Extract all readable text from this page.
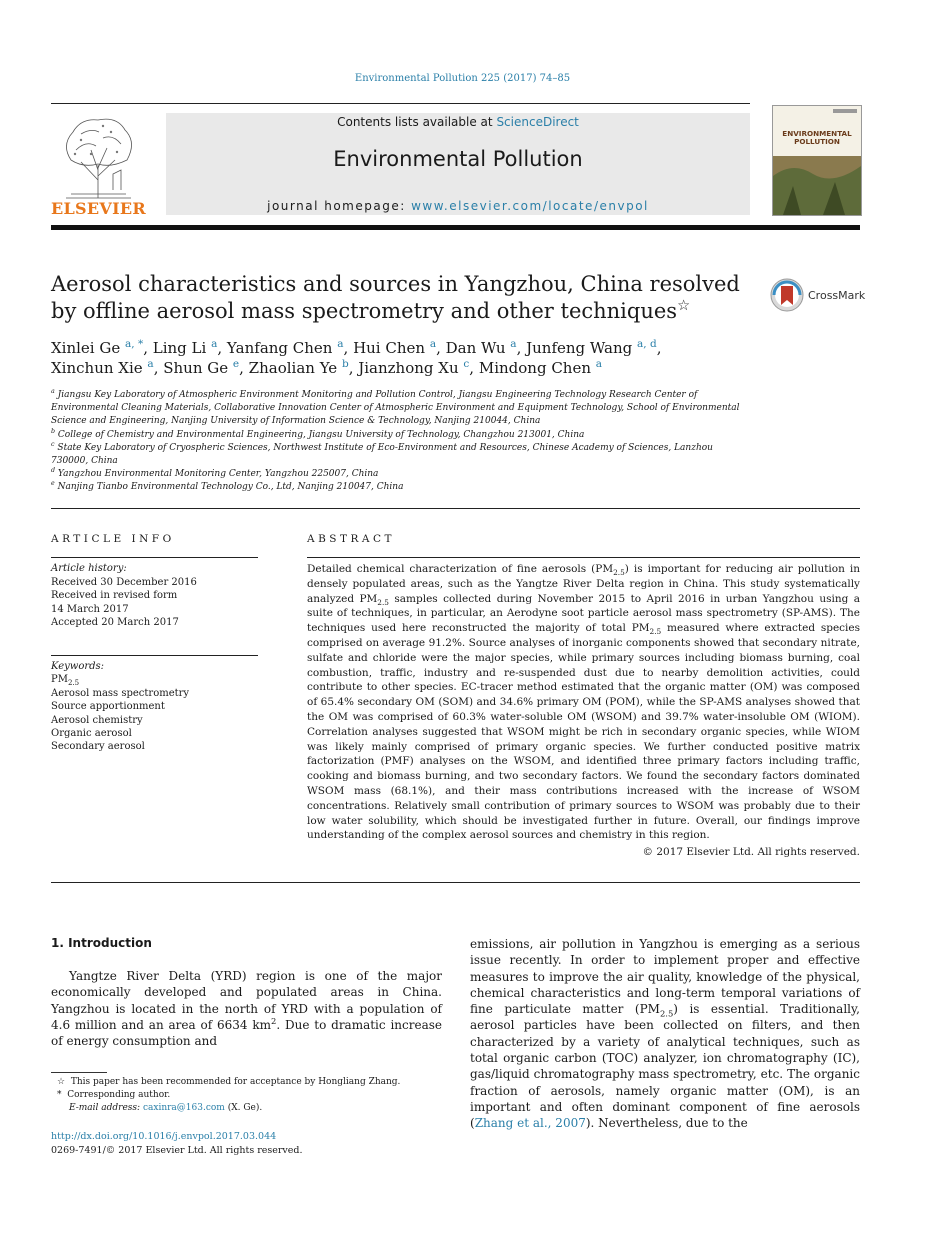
Environmental Pollution 225 (2017) 74–85
ELSEVIER
Contents lists available at ScienceDirect
Environmental Pollution
journal homepage: www.elsevier.com/locate/envpol
ENVIRONMENTAL POLLUTION
Aerosol characteristics and sources in Yangzhou, China resolved by offline aerosol mass spectrometry and other techniques☆
CrossMark
Xinlei Ge $^{a, *}$, Ling Li $^a$, Yanfang Chen $^a$, Hui Chen $^a$, Dan Wu $^a$, Junfeng Wang $^{a, d}$,
Xinchun Xie $^a$, Shun Ge $^e$, Zhaolian Ye $^b$, Jianzhong Xu $^c$, Mindong Chen $^a$
$^a$ Jiangsu Key Laboratory of Atmospheric Environment Monitoring and Pollution Control, Jiangsu Engineering Technology Research Center of Environmental Cleaning Materials, Collaborative Innovation Center of Atmospheric Environment and Equipment Technology, School of Environmental Science and Engineering, Nanjing University of Information Science & Technology, Nanjing 210044, China
$^b$ College of Chemistry and Environmental Engineering, Jiangsu University of Technology, Changzhou 213001, China
$^c$ State Key Laboratory of Cryospheric Sciences, Northwest Institute of Eco-Environment and Resources, Chinese Academy of Sciences, Lanzhou 730000, China
$^d$ Yangzhou Environmental Monitoring Center, Yangzhou 225007, China
$^e$ Nanjing Tianbo Environmental Technology Co., Ltd, Nanjing 210047, China
ARTICLE INFO
Article history:
Received 30 December 2016
Received in revised form
14 March 2017
Accepted 20 March 2017
Keywords:
$PM_{2.5}$
Aerosol mass spectrometry
Source apportionment
Aerosol chemistry
Organic aerosol
Secondary aerosol
ABSTRACT
Detailed chemical characterization of fine aerosols $(PM_{2.5})$ is important for reducing air pollution in densely populated areas, such as the Yangtze River Delta region in China. This study systematically analyzed $PM_{2.5}$ samples collected during November 2015 to April 2016 in urban Yangzhou using a suite of techniques, in particular, an Aerodyne soot particle aerosol mass spectrometry (SP-AMS). The techniques used here reconstructed the majority of total $PM_{2.5}$ measured where extracted species comprised on average 91.2%. Source analyses of inorganic components showed that secondary nitrate, sulfate and chloride were the major species, while primary sources including biomass burning, coal combustion, traffic, industry and re-suspended dust due to nearby demolition activities, could contribute to other species. EC-tracer method estimated that the organic matter (OM) was composed of 65.4% secondary OM (SOM) and 34.6% primary OM (POM), while the SP-AMS analyses showed that the OM was comprised of 60.3% water-soluble OM (WSOM) and 39.7% water-insoluble OM (WIOM). Correlation analyses suggested that WSOM might be rich in secondary organic species, while WIOM was likely mainly comprised of primary organic species. We further conducted positive matrix factorization (PMF) analyses on the WSOM, and identified three primary factors including traffic, cooking and biomass burning, and two secondary factors. We found the secondary factors dominated WSOM mass (68.1%), and their mass contributions increased with the increase of WSOM concentrations. Relatively small contribution of primary sources to WSOM was probably due to their low water solubility, which should be investigated further in future. Overall, our findings improve understanding of the complex aerosol sources and chemistry in this region.
© 2017 Elsevier Ltd. All rights reserved.
1. Introduction
Yangtze River Delta (YRD) region is one of the major economically developed and populated areas in China. Yangzhou is located in the north of YRD with a population of 4.6 million and an area of 6634 $km^2$. Due to dramatic increase of energy consumption and
emissions, air pollution in Yangzhou is emerging as a serious issue recently. In order to implement proper and effective measures to improve the air quality, knowledge of the physical, chemical characteristics and long-term temporal variations of fine particulate matter $(PM_{2.5})$ is essential. Traditionally, aerosol particles have been collected on filters, and then characterized by a variety of analytical techniques, such as total organic carbon (TOC) analyzer, ion chromatography (IC), gas/liquid chromatography mass spectrometry, etc. The organic fraction of aerosols, namely organic matter (OM), is an important and often dominant component of fine aerosols (Zhang et al., 2007). Nevertheless, due to the
☆ This paper has been recommended for acceptance by Hongliang Zhang.
* Corresponding author.
E-mail address: caxinra@163.com (X. Ge).
http://dx.doi.org/10.1016/j.envpol.2017.03.044
0269-7491/© 2017 Elsevier Ltd. All rights reserved.
